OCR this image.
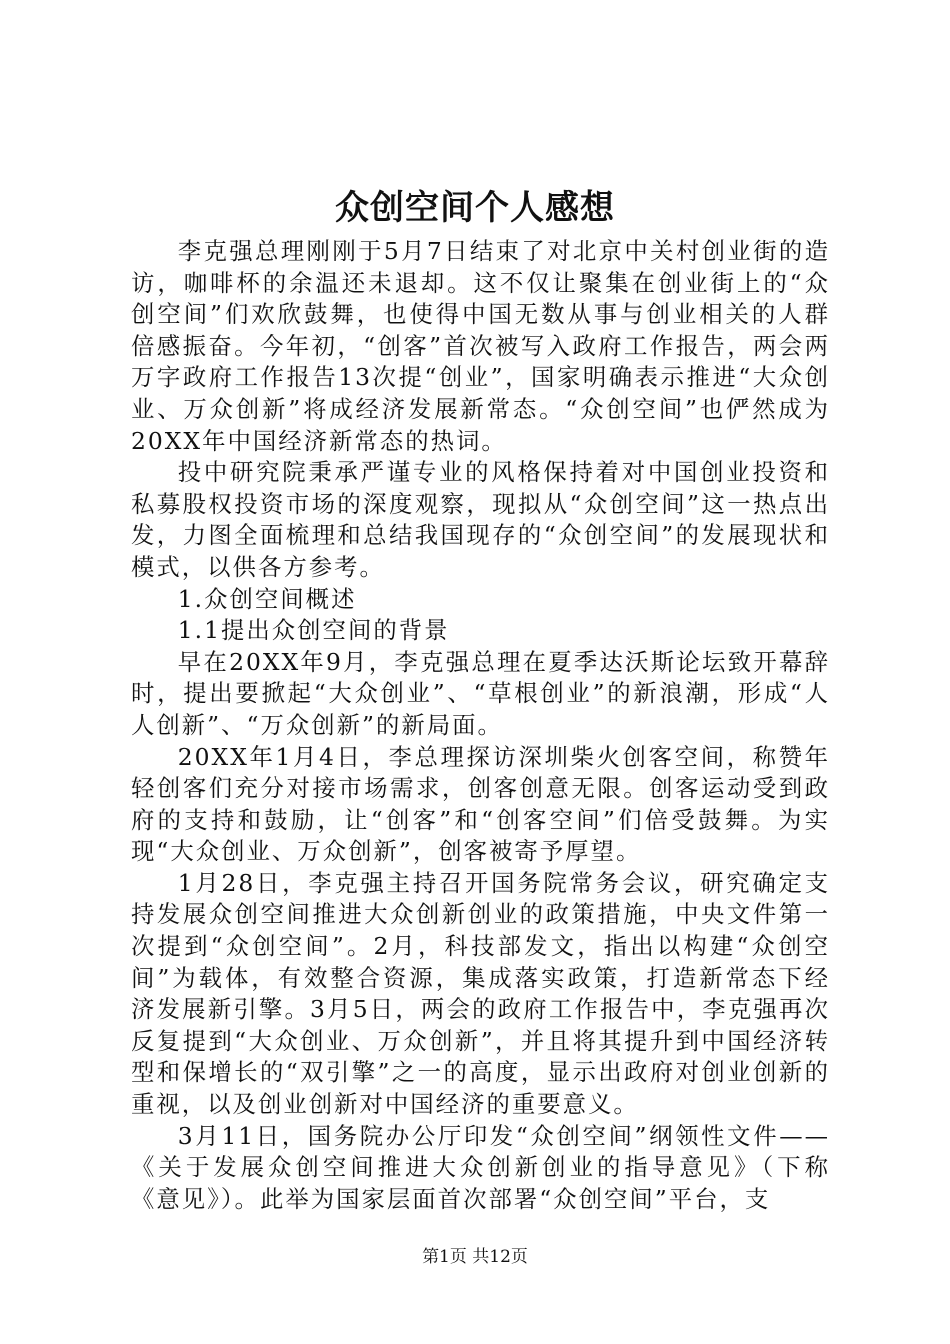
众创空间个人感想

李克强总理刚刚于5月7日结束了对北京中关村创业街的造访，咖啡杯的余温还未退却。这不仅让聚集在创业街上的“众创空间”们欢欣鼓舞，也使得中国无数从事与创业相关的人群倍感振奋。今年初，“创客”首次被写入政府工作报告，两会两万字政府工作报告13次提“创业”，国家明确表示推进“大众创业、万众创新”将成经济发展新常态。“众创空间”也俨然成为20XX年中国经济新常态的热词。

投中研究院秉承严谨专业的风格保持着对中国创业投资和私募股权投资市场的深度观察，现拟从“众创空间”这一热点出发，力图全面梳理和总结我国现存的“众创空间”的发展现状和模式，以供各方参考。

1.众创空间概述

1.1提出众创空间的背景

早在20XX年9月，李克强总理在夏季达沃斯论坛致开幕辞时，提出要掀起“大众创业”、“草根创业”的新浪潮，形成“人人创新”、“万众创新”的新局面。

20XX年1月4日，李总理探访深圳柴火创客空间，称赞年轻创客们充分对接市场需求，创客创意无限。创客运动受到政府的支持和鼓励，让“创客”和“创客空间”们倍受鼓舞。为实现“大众创业、万众创新”，创客被寄予厚望。

1月28日，李克强主持召开国务院常务会议，研究确定支持发展众创空间推进大众创新创业的政策措施，中央文件第一次提到“众创空间”。2月，科技部发文，指出以构建“众创空间”为载体，有效整合资源，集成落实政策，打造新常态下经济发展新引擎。3月5日，两会的政府工作报告中，李克强再次反复提到“大众创业、万众创新”，并且将其提升到中国经济转型和保增长的“双引擎”之一的高度，显示出政府对创业创新的重视，以及创业创新对中国经济的重要意义。

3月11日，国务院办公厅印发“众创空间”纲领性文件——《关于发展众创空间推进大众创新创业的指导意见》（下称《意见》）。此举为国家层面首次部署“众创空间”平台，支

第1页 共12页
